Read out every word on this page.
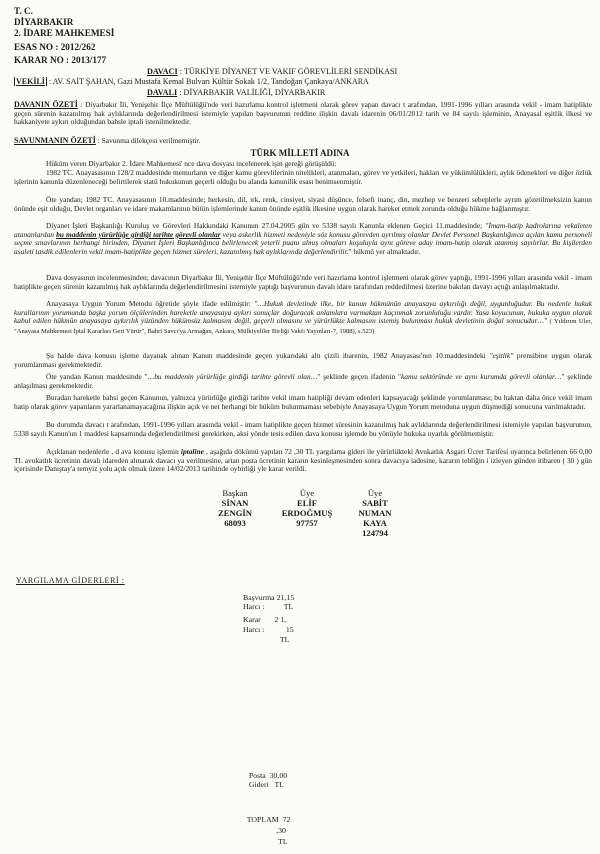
T. C.
DİYARBAKIR
2. İDARE MAHKEMESİ
ESAS NO : 2012/262
KARAR NO : 2013/177
DAVACI : TÜRKİYE DİYANET VE VAKIF GÖREVLİLERİ SENDİKASI
VEKİLİ : AV. SAİT ŞAHAN, Gazi Mustafa Kemal Bulvarı Kültür Sokak 1/2, Tandoğan Çankaya/ANKARA
DAVALI : DİYARBAKIR VALİLİĞİ, DİYARBAKIR
DAVANIN ÖZETİ : Diyarbakır İli, Yenişehir İlçe Müftülüğü'nde veri hazırlama kontrol işletmeni olarak görev yapan davacı t arafından, 1991-1996 yılları arasında vekil - imam hatiplikte geçen sürenin kazanılmış hak aylıklarında değerlendirilmesi istemiyle yapılan başvurunun reddine ilişkin davalı idarenin 06/01/2012 tarih ve 84 sayılı işleminin, Anayasal eşitlik ilkesi ve hakkaniyete aykırı olduğundan bahsle iptali istenilmektedir.
SAVUNMANIN ÖZETİ : Savunma dilekçesi verilmemiştir.
TÜRK MİLLETİ ADINA
Hüküm veren Diyarbakır 2. İdare Mahkemesi' nce dava dosyası incelenerek işin gereği görüşüldü:
1982 TC. Anayasasının 128/2 maddesinde memurların ve diğer kamu görevlilerinin nitelikleri, atanmaları, görev ve yetkileri, hakları ve yükümlülükleri, aylık ödenekleri ve diğer özlük işlerinin kanunla düzenleneceği belirtilerek statü hukukunun geçerli olduğu bu alanda kanunilik esası benimsenmiştir.
Öte yandan; 1982 TC. Anayasasının 10.maddesinde; herkesin, dil, ırk, renk, cinsiyet, siyasi düşünce, felsefi inanç, din, mezhep ve benzeri sebeplerle ayrım gözetilmeksizin kanun önünde eşit olduğu, Devlet organları ve idare makamlarının bütün işlemlerinde kanun önünde eşitlik ilkesine uygun olarak hareket etmek zorunda olduğu hükme bağlanmıştır.
Diyanet İşleri Başkanlığı Kuruluş ve Görevleri Hakkındaki Kanunun 27.04.2005 gün ve 5338 sayılı Kanunla eklenen Geçici 11.maddesinde; "İmam-hatip kadrolarına vekaleten atananlardan bu maddenin yürürlüğe girdiği tarihte görevli olanlar veya askerlik hizmeti nedeniyle söz konusu görevden ayrılmış olanlar Devlet Personel Başkanlığınca açılan kamu personeli seçme sınavlarının herhangi birinden, Diyanet İşleri Başkanlığınca belirlenecek yeterli puanı almış olmaları koşuluyla aynı göreve aday imam-hatip olarak atanmış sayılırlar. Bu kişilerden asaleti tasdik edilenlerin vekil imam-hatiplikte geçen hizmet süreleri, kazanılmış hak aylıklarında değerlendirilir." hükmü yer almaktadır.
Dava dosyasının incelenmesinden; davacının Diyarbakır İli, Yenişehir İlçe Müftülüğü'nde veri hazırlama kontrol işletmeni olarak görev yaptığı, 1991-1996 yılları arasında vekil - imam hatiplikte geçen sürenin kazanılmış hak aylıklarında değerlendirilmesini istemiyle yaptığı başvurunun davalı idare tarafından reddedilmesi üzerine bakılan davayı açtığı anlaşılmaktadır.
Anayasaya Uygun Yorum Metodu öğretide şöyle ifade edilmiştir: "…Hukuk devletinde ilke, bir kanun hükmünün anayasaya aykırılığı değil, uygunluğudur. Bu nedenle hukuk kurallarının yorumunda başka yorum ölçülerinden hareketle anayasaya aykırı sonuçlar doğuracak anlamlara varmaktan kaçınmak zorunluluğu vardır. Yasa koyucunun, hukuka uygun olarak kabul edilen hükmün anayasaya aykırılık yüzünden hükümsüz kalmasını değil, geçerli olmasını ve yürürlükte kalmasını istemiş bulunması hukuk devletinin doğal sonucudur…" ( Yıldırım Uler, "Anayasa Mahkemesi İptal Kararları Geri Yürür", Bahri Savcı'ya Armağan, Ankara, Mülkiyeliler Birliği Vakfı Yayınları-7, 1988), s.523)
Şu halde dava konusu işleme dayanak alınan Kanun maddesinde geçen yukarıdaki altı çizili ibarenin, 1982 Anayasası'nın 10.maddesindeki "eşitlik" prensibine uygun olarak yorumlanması gerekmektedir.
Öte yandan Kanun maddesinde "…bu maddenin yürürlüğe girdiği tarihte görevli olan…" şeklinde geçen ifadenin "kamu sektöründe ve aynı kurumda görevli olanlar…" şeklinde anlaşılması gerekmektedir.
Buradan hareketle bahsi geçen Kanunun, yalnızca yürürlüğe girdiği tarihte vekil imam hatipliği devam edenleri kapsayacağı şeklinde yorumlanması; bu haktan daha önce vekil imam hatip olarak görev yapanların yararlanamayacağına ilişkin açık ve net herhangi bir hüküm bulunmaması sebebiyle Anayasaya Uygun Yorum metoduna uygun düşmediği sonucuna varılmaktadır.
Bu durumda davacı t arafından, 1991-1996 yılları arasında vekil - imam hatiplikte geçen hizmet süresinin kazanılmış hak aylıklarında değerlendirilmesi istemiyle yapılan başvurunun, 5338 sayılı Kanun'un 1 maddesi kapsamında değerlendirilmesi gerekirken, aksi yönde tesis edilen dava konusu işlemde bu yönüyle hukuka uyarlık görülmemiştir.
Açıklanan nedenlerle , d ava konusu işlemin iptaline , aşağıda dökümü yapılan 72 ,30 TL yargılama gideri ile yürürlükteki Avukatlık Asgari Ücret Tarifesi uyarınca belirlenen 66 0,00 TL avukatlık ücretinin davalı idareden alınarak davacı ya verilmesine, artan posta ücretinin kararın kesinleşmesinden sonra davacıya iadesine, kararın tebliğin i izleyen günden itibaren ( 30 ) gün içerisinde Danıştay'a temyiz yolu açık olmak üzere 14/02/2013 tarihinde oybirliği yle karar verildi.
Başkan
SİNAN
ZENGİN
68093
Üye
ELİF
ERDOĞMUŞ
97757
Üye
SABİT
NUMAN
KAYA
124794
YARGILAMA GİDERLERİ :
Başvurma 21,15
Harcı :          TL
Karar       2 1,
Harcı :           15
TL
Posta  30,00
Gideri   TL
TOPLAM  72
,30
TL
